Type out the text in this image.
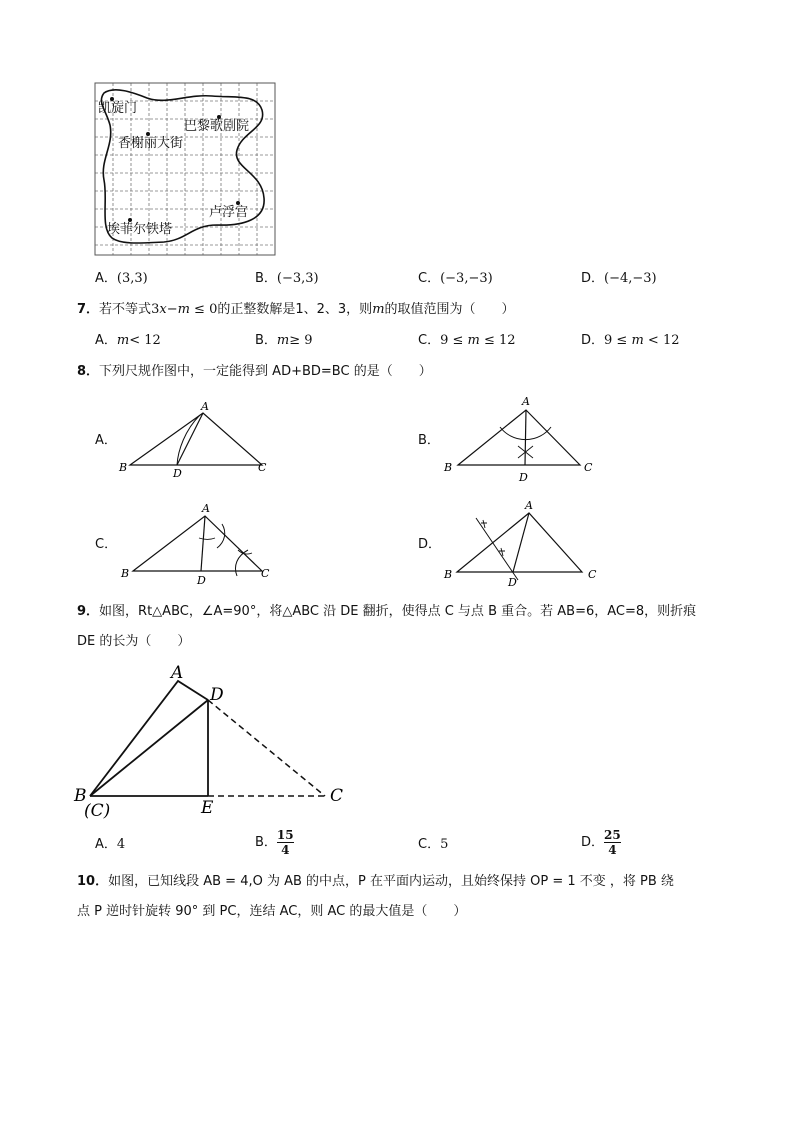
凯旋门
巴黎歌剧院
香榭丽大街
卢浮宫
埃菲尔铁塔
A．(3,3)	B．(−3,3)	C．(−3,−3)	D．(−4,−3)
7．若不等式3x−m ≤ 0的正整数解是1、2、3，则m的取值范围为（　　）
A．m< 12	B．m≥ 9	C．9 ≤ m ≤ 12	D．9 ≤ m < 12
8．下列尺规作图中，一定能得到 AD+BD=BC 的是（　　）
A．
A
B	D	C
B．
A
B
D
C
C．
A
B
D
C
D．
A
B
D
C
9．如图，Rt△ABC，∠A=90°，将△ABC 沿 DE 翻折，使得点 C 与点 B 重合。若 AB=6，AC=8，则折痕
DE 的长为（　　）
A
D
B
(C)	E
C
A．4	B． $\frac{15}{4}$	C．5	D． $\frac{25}{4}$
10．如图，已知线段 AB = 4,O 为 AB 的中点，P 在平面内运动，且始终保持 OP = 1 不变 ，将 PB 绕
点 P 逆时针旋转 90° 到 PC，连结 AC，则 AC 的最大值是（　　）
